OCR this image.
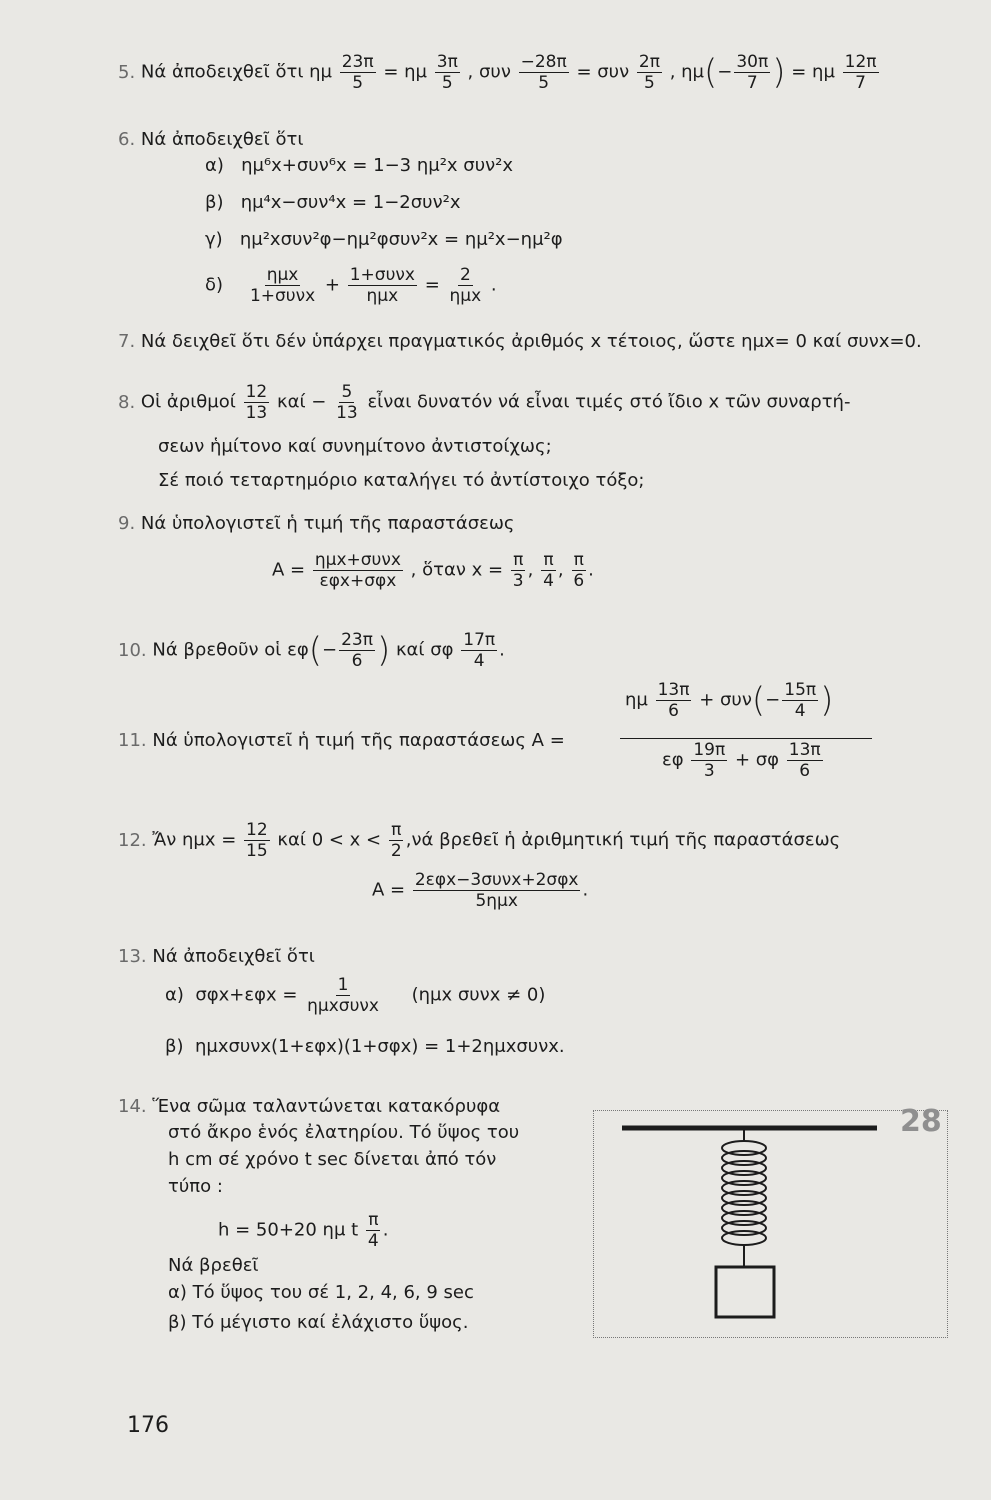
5. Νά ἀποδειχθεῖ ὅτι ημ $\frac{23\pi}{5} = \eta\mu \frac{3\pi}{5}$ , συν $\frac{-28\pi}{5} = \sigma\upsilon\nu \frac{2\pi}{5}$ , $\eta\mu(- \frac{30\pi}{7}$ ) = ημ $\frac{12\pi}{7}$
6. Νά ἀποδειχθεῖ ὅτι
α) ημ⁶x+συν⁶x = 1−3 ημ²x συν²x
β) ημ⁴x−συν⁴x = 1−2συν²x
γ) ημ²xσυν²φ−ημ²φσυν²x = ημ²x−ημ²φ
$\delta) \frac{\text{ημx}}{\text{1+συνx}} + \frac{\text{1+συνx}}{\text{ημx}} = \frac{2}{\text{ημx}}$ .
7. Νά δειχθεῖ ὅτι δέν ὑπάρχει πραγματικός ἀριθμός x τέτοιος, ὥστε ημx= 0 καί συνx=0.
8. Οἱ ἀριθμοί $\frac{12}{13}$ $\kappa\alpha ί - \frac{5}{13}$ εἶναι δυνατόν νά εἶναι τιμές στό ἴδιο x τῶν συναρτή-
σεων ἡμίτονο καί συνημίτονο ἀντιστοίχως;
Σέ ποιό τεταρτημόριο καταλήγει τό ἀντίστοιχο τόξο;
9. Νά ὑπολογιστεῖ ἡ τιμή τῆς παραστάσεως
$A = \frac{\text{ημx+συνx}}{\text{εφx+σφx}}$ , ὅταν $x = \frac{\pi}{3}$ , $\frac{\pi}{4}$ , $\frac{\pi}{6}$ .
10. Νά βρεθοῦν οἱ $\varepsilon\varphi(- \frac{23\pi}{6}$ ) καί σφ $\frac{17\pi}{4}$ .
11. Νά ὑπολογιστεῖ ἡ τιμή τῆς παραστάσεως A =
ημ $\frac{13\pi}{6} + \sigma\upsilon\nu(- \frac{15\pi}{4}$ )
εφ $\frac{19\pi}{3} + \sigma\varphi \frac{13\pi}{6}$
12. Ἄν $\eta\mu x = \frac{12}{15}$ καί $0 < x < \frac{\pi}{2} ,\nu ά$ βρεθεῖ ἡ ἀριθμητική τιμή τῆς παραστάσεως
$A = \frac{\text{2εφx−3συνx+2σφx}}{\text{5ημx}}$ .
13. Νά ἀποδειχθεῖ ὅτι
α) $\sigma\varphi x+\varepsilon\varphi x = \frac{1}{\text{ημxσυνx}} (\eta\mu x$ συνx ≠ 0)
β) ημxσυνx(1+εφx)(1+σφx) = 1+2ημxσυνx.
14. Ἕνα σῶμα ταλαντώνεται κατακόρυφα
στό ἄκρο ἑνός ἐλατηρίου. Τό ὕψος του
h cm σέ χρόνο t sec δίνεται ἀπό τόν
τύπο :
h = 50+20 ημ t $\frac{\pi}{4}$ .
Νά βρεθεῖ
α) Τό ὕψος του σέ 1, 2, 4, 6, 9 sec
β) Τό μέγιστο καί ἐλάχιστο ὕψος.
28
176
